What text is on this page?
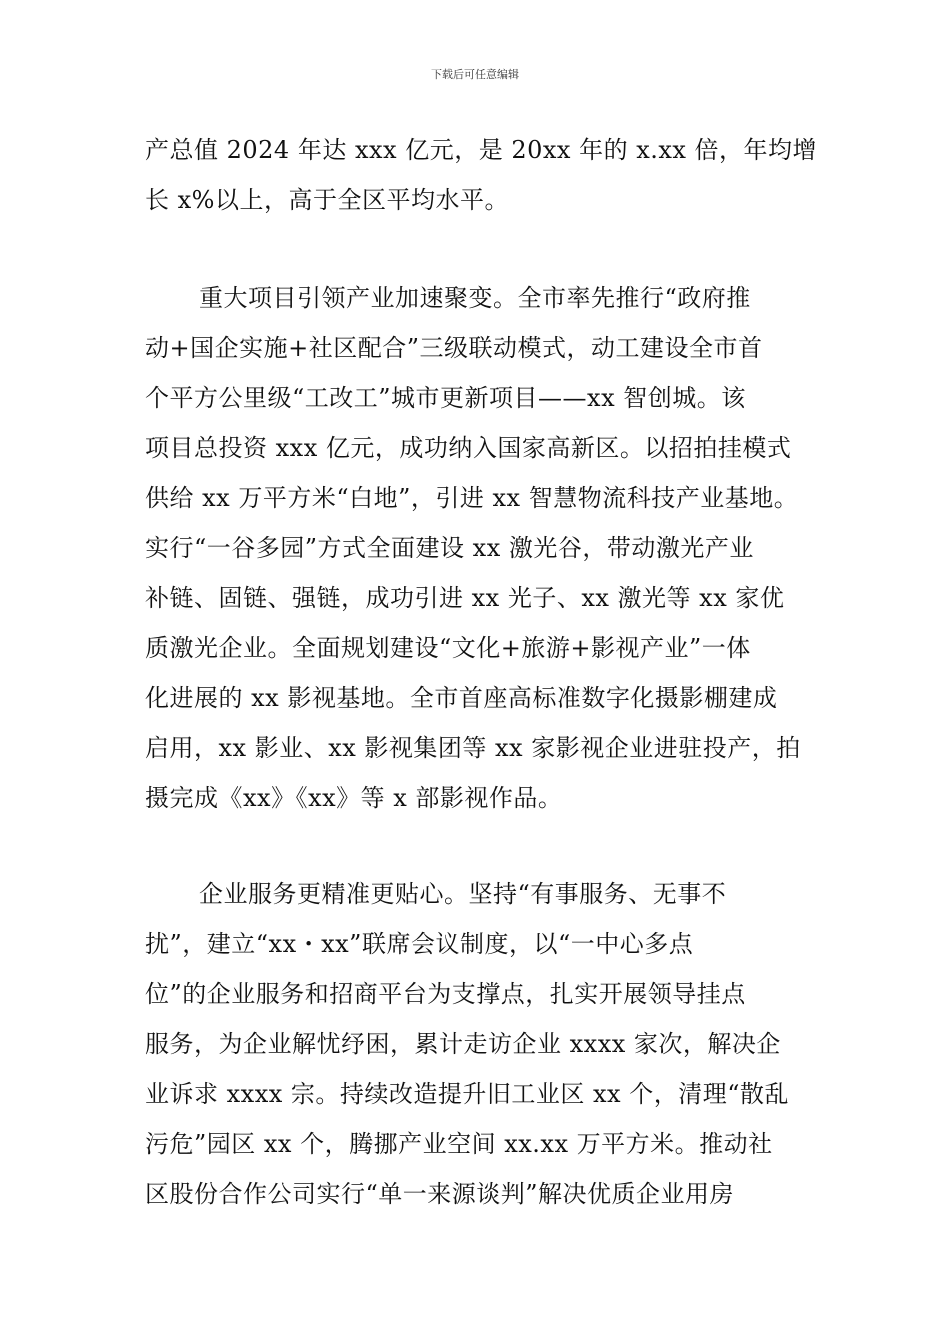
下载后可任意编辑
产总值 2024 年达 xxx 亿元，是 20xx 年的 x.xx 倍，年均增
长 x%以上，高于全区平均水平。
重大项目引领产业加速聚变。全市率先推行“政府推
动+国企实施+社区配合”三级联动模式，动工建设全市首
个平方公里级“工改工”城市更新项目——xx 智创城。该
项目总投资 xxx 亿元，成功纳入国家高新区。以招拍挂模式
供给 xx 万平方米“白地”，引进 xx 智慧物流科技产业基地。
实行“一谷多园”方式全面建设 xx 激光谷，带动激光产业
补链、固链、强链，成功引进 xx 光子、xx 激光等 xx 家优
质激光企业。全面规划建设“文化+旅游+影视产业”一体
化进展的 xx 影视基地。全市首座高标准数字化摄影棚建成
启用，xx 影业、xx 影视集团等 xx 家影视企业进驻投产，拍
摄完成《xx》《xx》等 x 部影视作品。
企业服务更精准更贴心。坚持“有事服务、无事不
扰”，建立“xx・xx”联席会议制度，以“一中心多点
位”的企业服务和招商平台为支撑点，扎实开展领导挂点
服务，为企业解忧纾困，累计走访企业 xxxx 家次，解决企
业诉求 xxxx 宗。持续改造提升旧工业区 xx 个，清理“散乱
污危”园区 xx 个，腾挪产业空间 xx.xx 万平方米。推动社
区股份合作公司实行“单一来源谈判”解决优质企业用房
